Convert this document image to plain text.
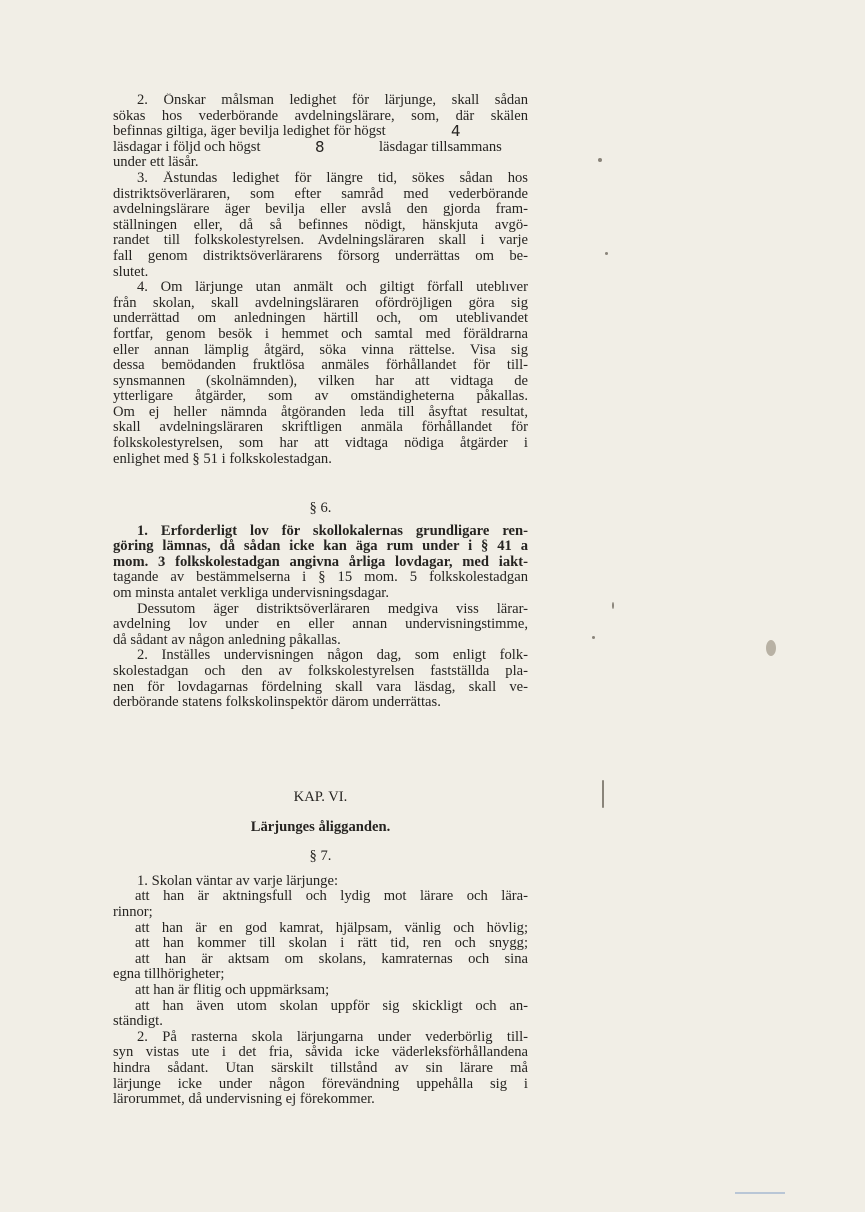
2. Önskar målsman ledighet för lärjunge, skall sådan
sökas hos vederbörande avdelningslärare, som, där skälen
befinnas giltiga, äger bevilja ledighet för högst	4
läsdagar i följd och högst	8	läsdagar tillsammans
under ett läsår.

3. Åstundas ledighet för längre tid, sökes sådan hos
distriktsöverläraren, som efter samråd med vederbörande
avdelningslärare äger bevilja eller avslå den gjorda fram-
ställningen eller, då så befinnes nödigt, hänskjuta avgö-
randet till folkskolestyrelsen. Avdelningsläraren skall i varje
fall genom distriktsöverlärarens försorg underrättas om be-
slutet.

4. Om lärjunge utan anmält och giltigt förfall uteblıver
från skolan, skall avdelningsläraren ofördröjligen göra sig
underrättad om anledningen härtill och, om uteblivandet
fortfar, genom besök i hemmet och samtal med föräldrarna
eller annan lämplig åtgärd, söka vinna rättelse. Visa sig
dessa bemödanden fruktlösa anmäles förhållandet för till-
synsmannen (skolnämnden), vilken har att vidtaga de
ytterligare åtgärder, som av omständigheterna påkallas.
Om ej heller nämnda åtgöranden leda till åsyftat resultat,
skall avdelningsläraren skriftligen anmäla förhållandet för
folkskolestyrelsen, som har att vidtaga nödiga åtgärder i
enlighet med § 51 i folkskolestadgan.

§ 6.

1. Erforderligt lov för skollokalernas grundligare ren-
göring lämnas, då sådan icke kan äga rum under i § 41 a
mom. 3 folkskolestadgan angivna årliga lovdagar, med iakt-
tagande av bestämmelserna i § 15 mom. 5 folkskolestadgan
om minsta antalet verkliga undervisningsdagar.

Dessutom äger distriktsöverläraren medgiva viss lärar-
avdelning lov under en eller annan undervisningstimme,
då sådant av någon anledning påkallas.

2. Inställes undervisningen någon dag, som enligt folk-
skolestadgan och den av folkskolestyrelsen fastställda pla-
nen för lovdagarnas fördelning skall vara läsdag, skall ve-
derbörande statens folkskolinspektör därom underrättas.

KAP. VI.

Lärjunges åligganden.

§ 7.

1. Skolan väntar av varje lärjunge:
att han är aktningsfull och lydig mot lärare och lära-
rinnor;
att han är en god kamrat, hjälpsam, vänlig och hövlig;
att han kommer till skolan i rätt tid, ren och snygg;
att han är aktsam om skolans, kamraternas och sina
egna tillhörigheter;
att han är flitig och uppmärksam;
att han även utom skolan uppför sig skickligt och an-
ständigt.

2. På rasterna skola lärjungarna under vederbörlig till-
syn vistas ute i det fria, såvida icke väderleksförhållandena
hindra sådant. Utan särskilt tillstånd av sin lärare må
lärjunge icke under någon förevändning uppehålla sig i
lärorummet, då undervisning ej förekommer.
